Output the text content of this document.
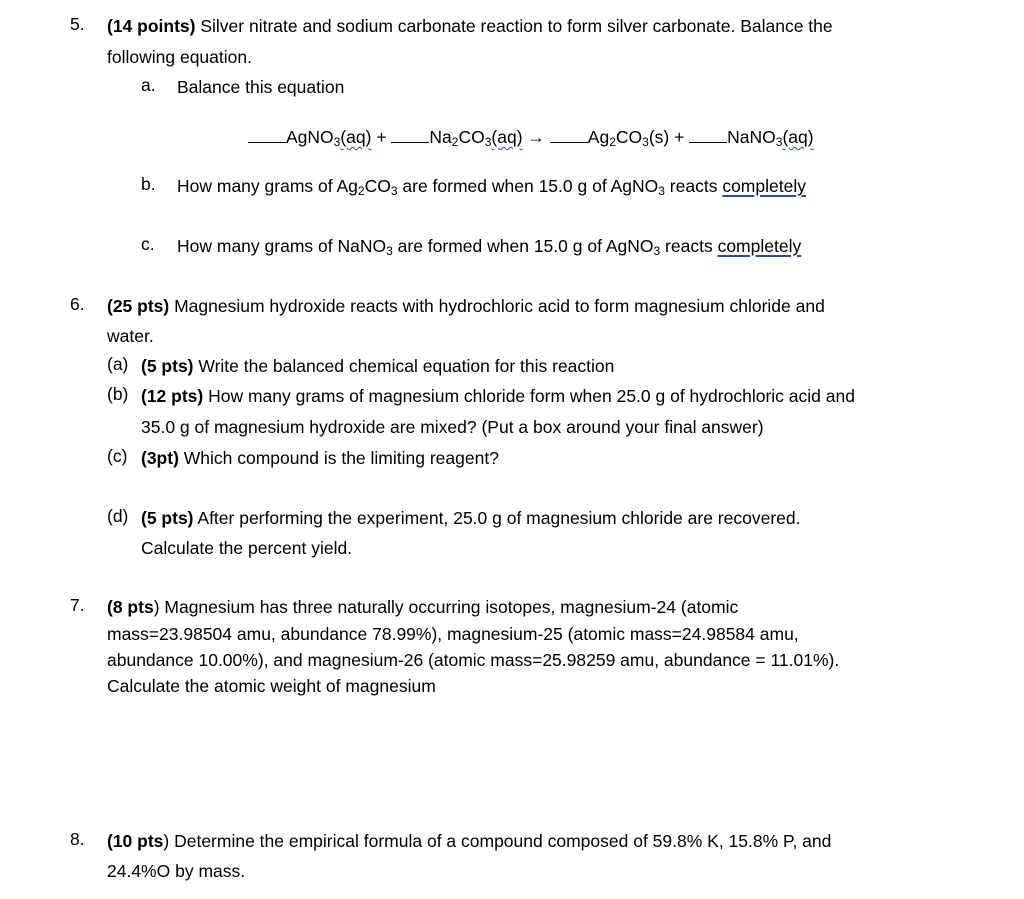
5. (14 points) Silver nitrate and sodium carbonate reaction to form silver carbonate. Balance the
following equation.
a. Balance this equation
AgNO$_3$(aq) + $Na_2CO_3(aq) \to Ag_2CO_3(s)$ + NaNO$_3$(aq)
b. How many grams of $Ag_2CO_3$ are formed when 15.0 g of AgNO$_3$ reacts completely
c. How many grams of NaNO$_3$ are formed when 15.0 g of AgNO$_3$ reacts completely
6. (25 pts) Magnesium hydroxide reacts with hydrochloric acid to form magnesium chloride and
water.
(a) (5 pts) Write the balanced chemical equation for this reaction
(b) (12 pts) How many grams of magnesium chloride form when 25.0 g of hydrochloric acid and
35.0 g of magnesium hydroxide are mixed? (Put a box around your final answer)
(c) (3pt) Which compound is the limiting reagent?
(d) (5 pts) After performing the experiment, 25.0 g of magnesium chloride are recovered.
Calculate the percent yield.
7. (8 pts) Magnesium has three naturally occurring isotopes, magnesium-24 (atomic
mass=23.98504 amu, abundance 78.99%), magnesium-25 (atomic mass=24.98584 amu,
abundance 10.00%), and magnesium-26 (atomic mass=25.98259 amu, abundance = 11.01%).
Calculate the atomic weight of magnesium
8. (10 pts) Determine the empirical formula of a compound composed of 59.8% K, 15.8% P, and
24.4%O by mass.
